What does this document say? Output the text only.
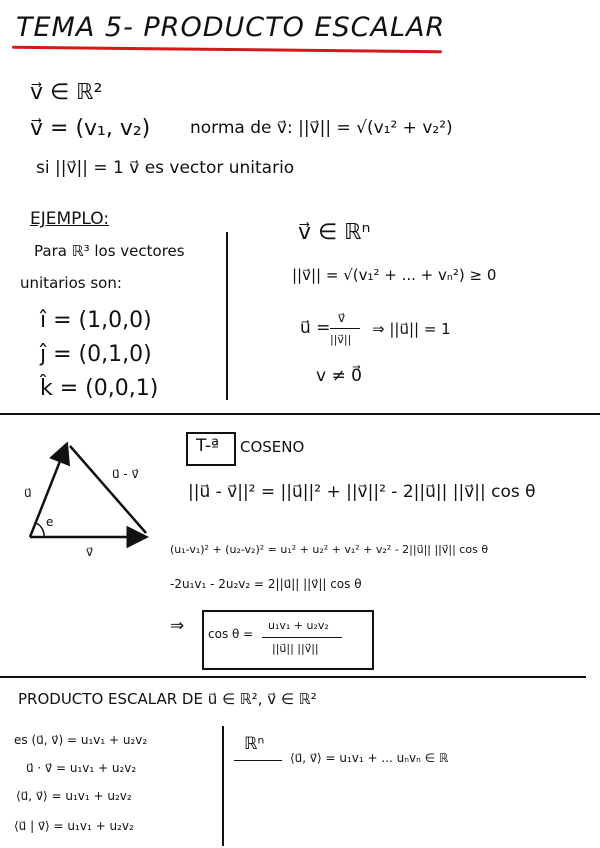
TEMA 5- PRODUCTO ESCALAR
v⃗ ∈ ℝ²
v⃗ = (v₁, v₂) norma de v⃗: ||v⃗|| = √(v₁² + v₂²)
si ||v⃗|| = 1 v⃗ es vector unitario
EJEMPLO:
Para ℝ³ los vectores
unitarios son:
î = (1,0,0)
ĵ = (0,1,0)
k̂ = (0,0,1)
v⃗ ∈ ℝⁿ
||v⃗|| = √(v₁² + ... + vₙ²) ≥ 0
u⃗ = v⃗
||v⃗||
⇒ ||u⃗|| = 1
v ≠ 0⃗
u⃗
u⃗ - v⃗
e
v⃗
T-ª COSENO
||u⃗ - v⃗||² = ||u⃗||² + ||v⃗||² - 2||u⃗|| ||v⃗|| cos θ
(u₁-v₁)² + (u₂-v₂)² = u₁² + u₂² + v₁² + v₂² - 2||u⃗|| ||v⃗|| cos θ
-2u₁v₁ - 2u₂v₂ = 2||u⃗|| ||v⃗|| cos θ
⇒ cos θ =
u₁v₁ + u₂v₂
||u⃗|| ||v⃗||
PRODUCTO ESCALAR DE u⃗ ∈ ℝ², v⃗ ∈ ℝ²
es (u⃗, v⃗) = u₁v₁ + u₂v₂
u⃗ · v⃗ = u₁v₁ + u₂v₂
⟨u⃗, v⃗⟩ = u₁v₁ + u₂v₂
⟨u⃗ | v⃗⟩ = u₁v₁ + u₂v₂
ℝⁿ
⟨u⃗, v⃗⟩ = u₁v₁ + ... uₙvₙ ∈ ℝ
